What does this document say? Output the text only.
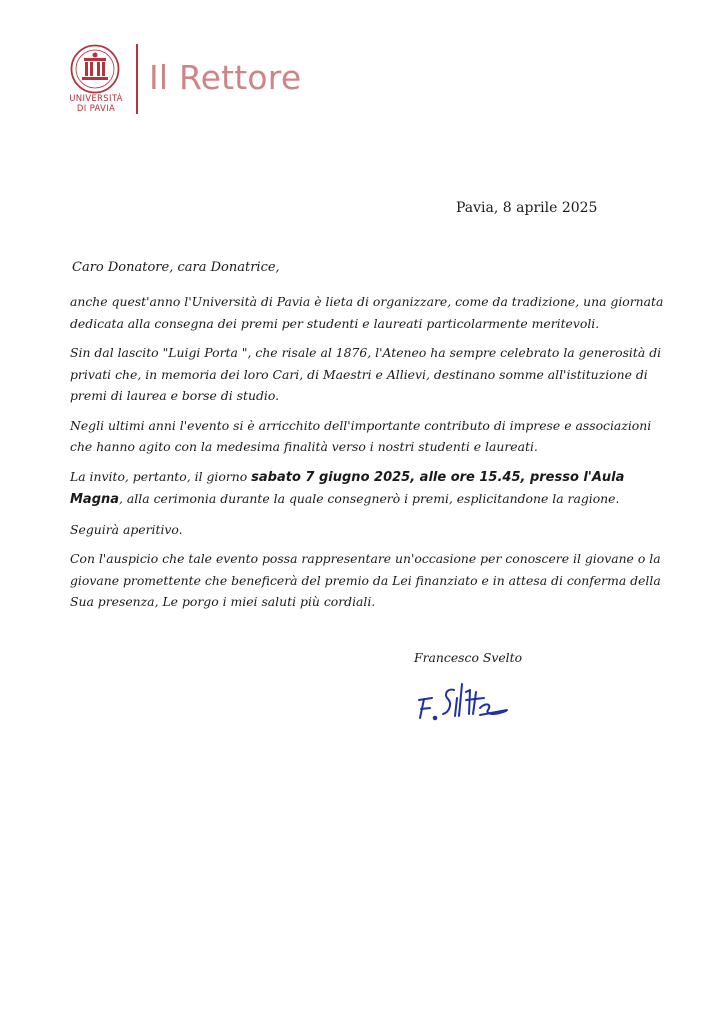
UNIVERSITÀ
DI PAVIA
Il Rettore
Pavia, 8 aprile 2025
Caro Donatore, cara Donatrice,

anche quest'anno l'Università di Pavia è lieta di organizzare, come da tradizione, una giornata dedicata alla consegna dei premi per studenti e laureati particolarmente meritevoli.

Sin dal lascito "Luigi Porta ", che risale al 1876, l'Ateneo ha sempre celebrato la generosità di privati che, in memoria dei loro Cari, di Maestri e Allievi, destinano somme all'istituzione di premi di laurea e borse di studio.

Negli ultimi anni l'evento si è arricchito dell'importante contributo di imprese e associazioni che hanno agito con la medesima finalità verso i nostri studenti e laureati.

La invito, pertanto, il giorno sabato 7 giugno 2025, alle ore 15.45, presso l'Aula Magna, alla cerimonia durante la quale consegnerò i premi, esplicitandone la ragione.

Seguirà aperitivo.

Con l'auspicio che tale evento possa rappresentare un'occasione per conoscere il giovane o la giovane promettente che beneficerà del premio da Lei finanziato e in attesa di conferma della Sua presenza, Le porgo i miei saluti più cordiali.

Francesco Svelto
